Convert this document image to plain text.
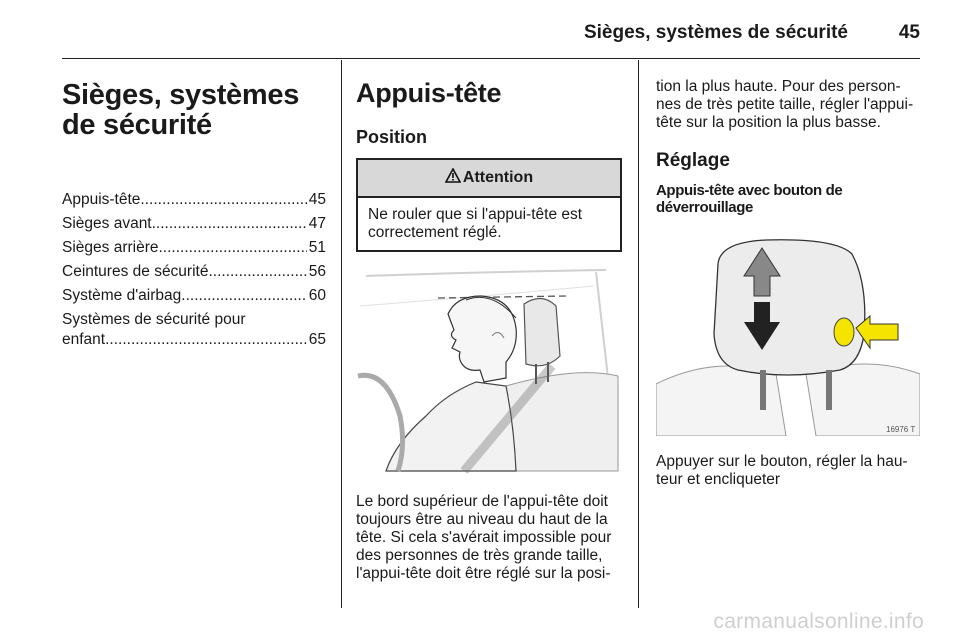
Sièges, systèmes de sécurité	45
Sièges, systèmes de sécurité
Appuis-tête .....	45
Sièges avant .....	47
Sièges arrière .....	51
Ceintures de sécurité .....	56
Système d'airbag .....	60
Systèmes de sécurité pour
enfant .....	65
Appuis-tête
Position
Attention
Ne rouler que si l'appui-tête est correctement réglé.

Le bord supérieur de l'appui-tête doit toujours être au niveau du haut de la tête. Si cela s'avérait impossible pour des personnes de très grande taille, l'appui-tête doit être réglé sur la posi-

tion la plus haute. Pour des person- nes de très petite taille, régler l'appui- tête sur la position la plus basse.

Réglage
Appuis-tête avec bouton de déverrouillage
16976 T

Appuyer sur le bouton, régler la hau- teur et encliqueter

carmanualsonline.info
